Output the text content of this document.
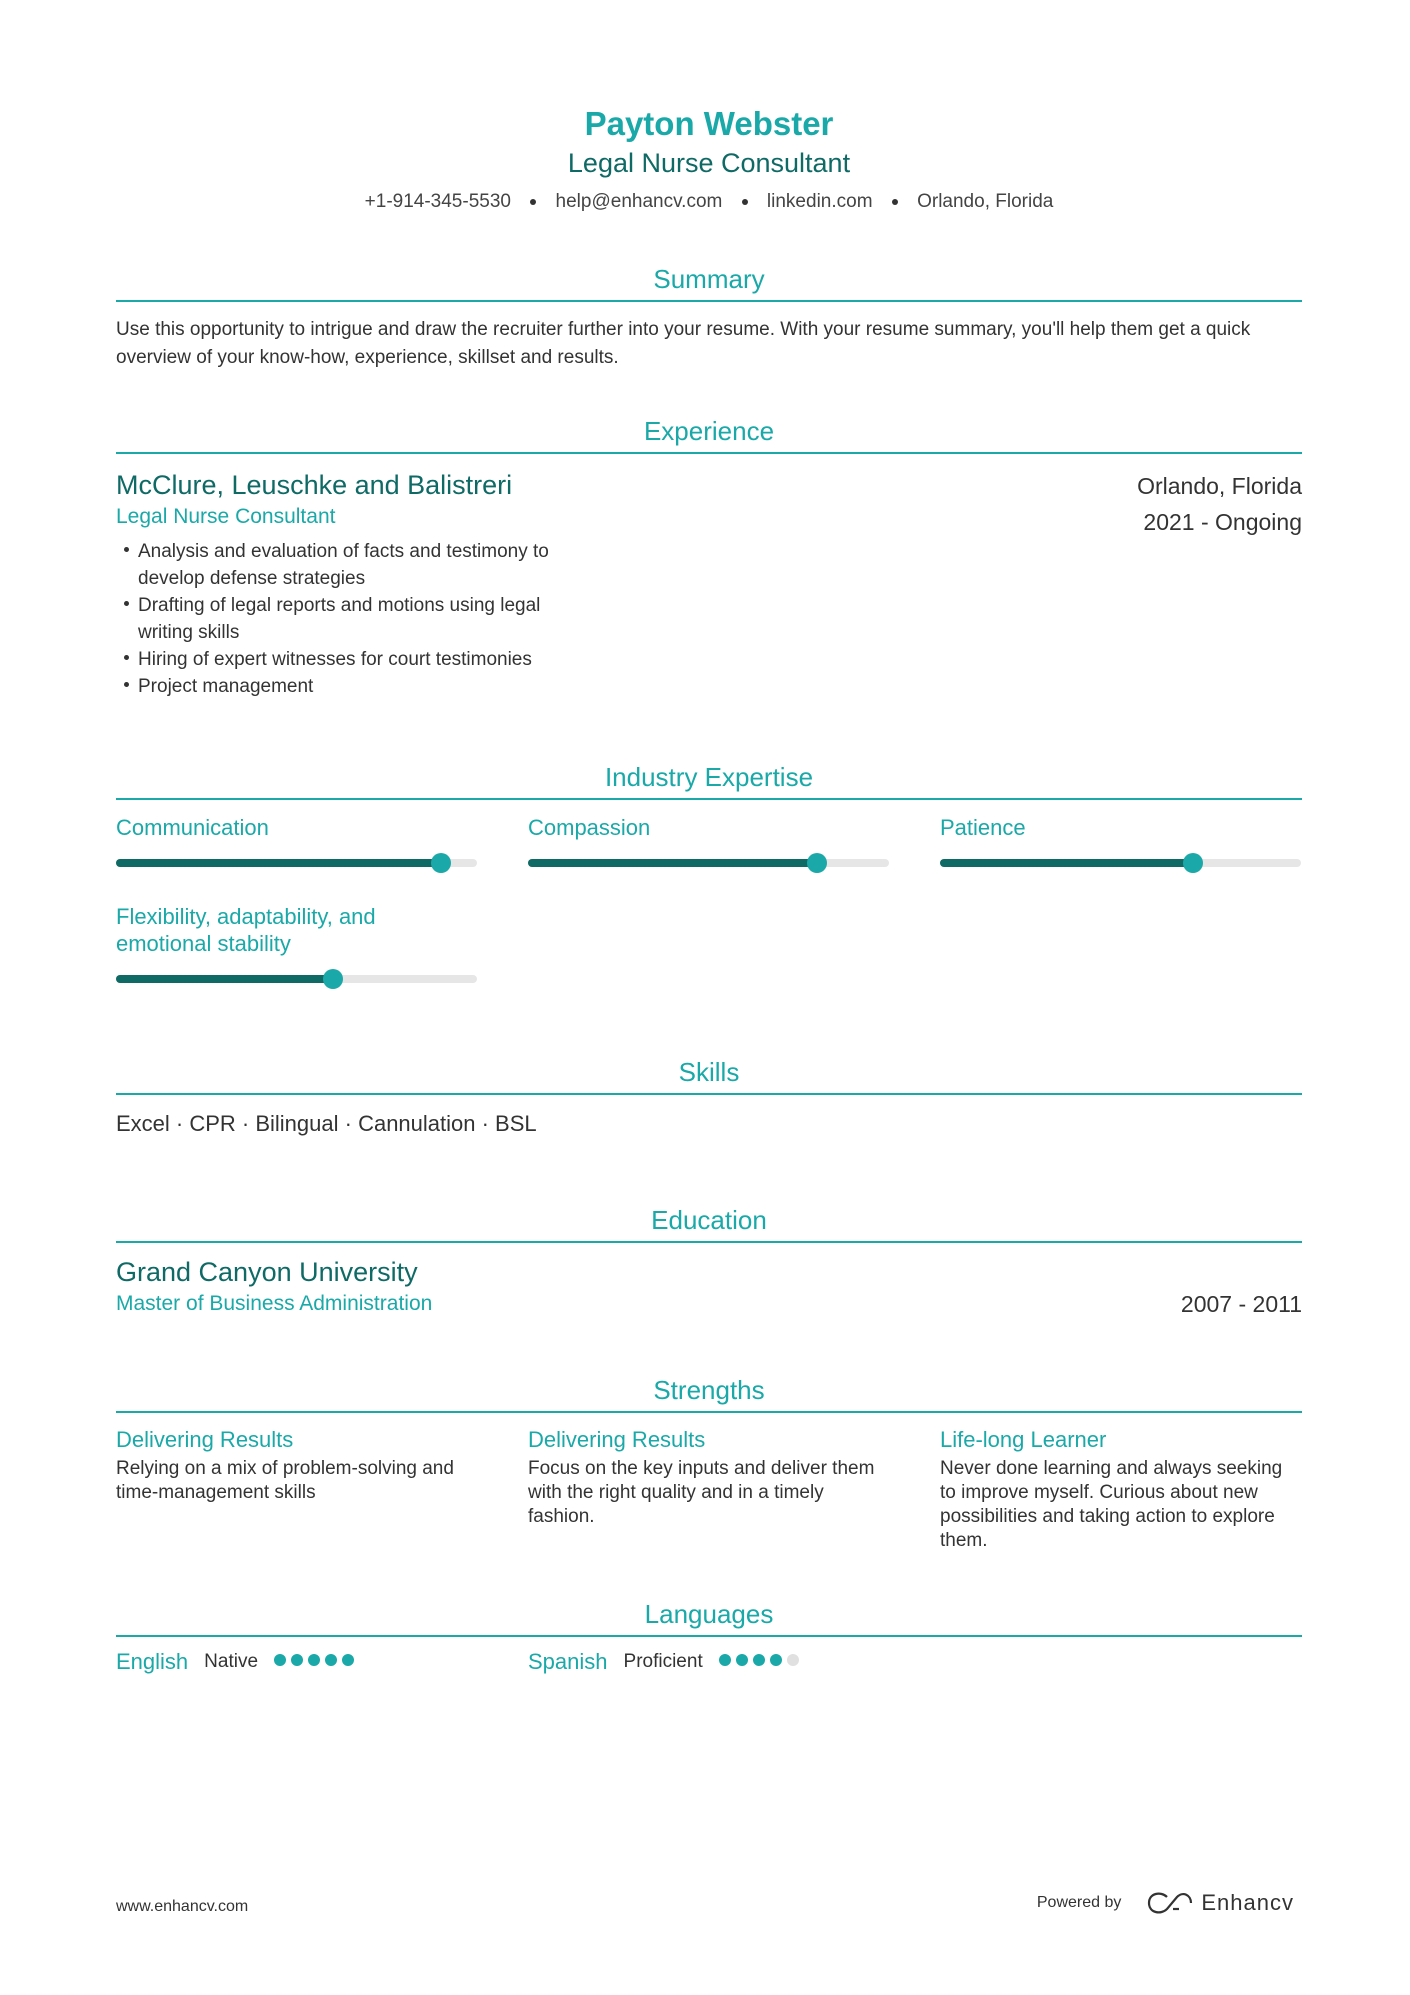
Payton Webster
Legal Nurse Consultant
+1-914-345-5530 help@enhancv.com linkedin.com Orlando, Florida
Summary
Use this opportunity to intrigue and draw the recruiter further into your resume. With your resume summary, you'll help them get a quick overview of your know-how, experience, skillset and results.
Experience
McClure, Leuschke and Balistreri
Legal Nurse Consultant
Orlando, Florida
2021 - Ongoing
Analysis and evaluation of facts and testimony to develop defense strategies
Drafting of legal reports and motions using legal writing skills
Hiring of expert witnesses for court testimonies
Project management
Industry Expertise
Communication	Compassion	Patience
Flexibility, adaptability, and emotional stability
Skills
Excel · CPR · Bilingual · Cannulation · BSL
Education
Grand Canyon University
Master of Business Administration	2007 - 2011
Strengths
Delivering Results
Relying on a mix of problem-solving and time-management skills
Delivering Results
Focus on the key inputs and deliver them with the right quality and in a timely fashion.
Life-long Learner
Never done learning and always seeking to improve myself. Curious about new possibilities and taking action to explore them.
Languages
English Native	Spanish Proficient
www.enhancv.com	Powered by	Enhancv
